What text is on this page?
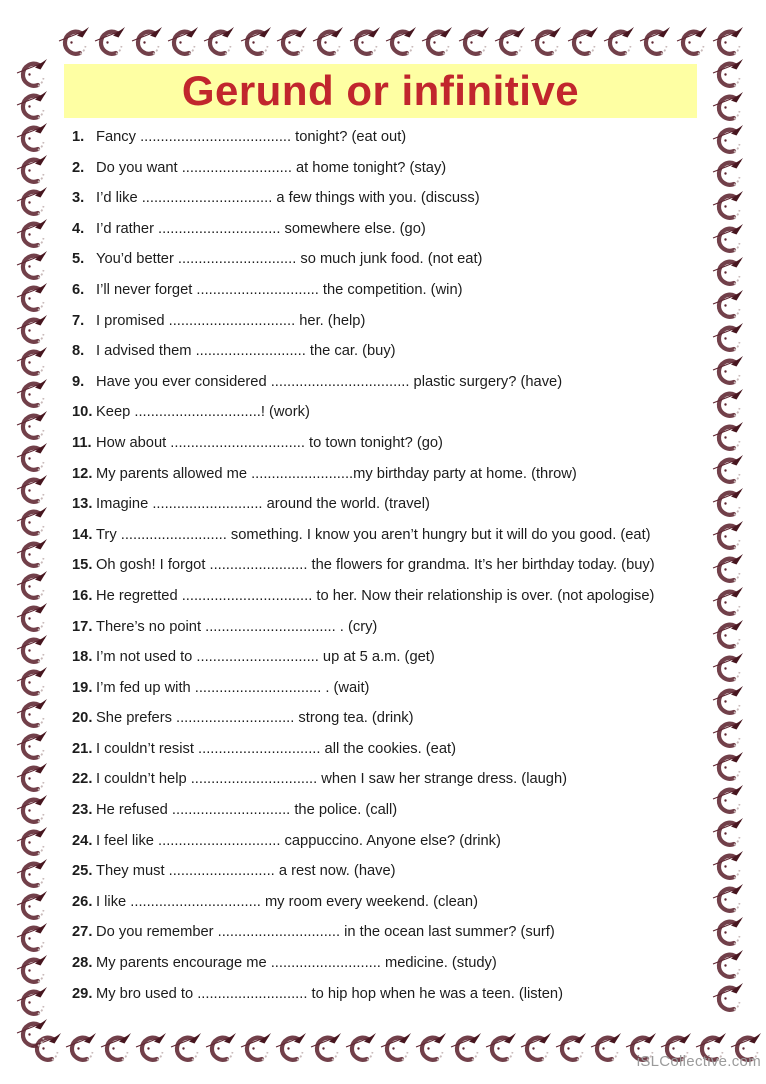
Gerund or infinitive
1. Fancy ..................................... tonight? (eat out)
2. Do you want ........................... at home tonight? (stay)
3. I’d like ................................ a few things with you. (discuss)
4. I’d rather .............................. somewhere else. (go)
5. You’d better ............................. so much junk food. (not eat)
6. I’ll never forget .............................. the competition. (win)
7. I promised ............................... her. (help)
8. I advised them ........................... the car. (buy)
9. Have you ever considered .................................. plastic surgery? (have)
10. Keep ...............................! (work)
11. How about ................................. to town tonight? (go)
12. My parents allowed me .........................my birthday party at home. (throw)
13. Imagine ........................... around the world. (travel)
14. Try .......................... something. I know you aren’t hungry but it will do you good. (eat)
15. Oh gosh! I forgot ........................ the flowers for grandma. It’s her birthday today. (buy)
16. He regretted ................................ to her. Now their relationship is over. (not apologise)
17. There’s no point ................................ . (cry)
18. I’m not used to .............................. up at 5 a.m. (get)
19. I’m fed up with ............................... . (wait)
20. She prefers ............................. strong tea. (drink)
21. I couldn’t resist .............................. all the cookies. (eat)
22. I couldn’t help ............................... when I saw her strange dress. (laugh)
23. He refused ............................. the police. (call)
24. I feel like .............................. cappuccino. Anyone else? (drink)
25. They must .......................... a rest now. (have)
26. I like ................................ my room every weekend. (clean)
27. Do you remember .............................. in the ocean last summer? (surf)
28. My parents encourage me ........................... medicine. (study)
29. My bro used to ........................... to hip hop when he was a teen. (listen)
iSLCollective.com
